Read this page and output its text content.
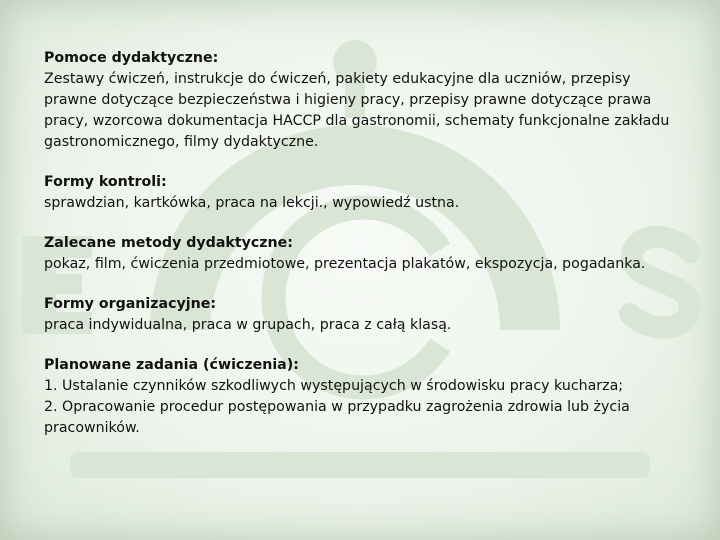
Pomoce dydaktyczne:
Zestawy ćwiczeń, instrukcje do ćwiczeń, pakiety edukacyjne dla uczniów, przepisy prawne dotyczące bezpieczeństwa i higieny pracy, przepisy prawne dotyczące prawa pracy, wzorcowa dokumentacja HACCP dla gastronomii, schematy funkcjonalne zakładu gastronomicznego, filmy dydaktyczne.
Formy kontroli:
sprawdzian, kartkówka, praca na lekcji., wypowiedź ustna.
Zalecane metody dydaktyczne:
pokaz, film, ćwiczenia przedmiotowe, prezentacja plakatów, ekspozycja, pogadanka.
Formy organizacyjne:
praca indywidualna, praca w grupach, praca z całą klasą.
Planowane zadania (ćwiczenia):
1. Ustalanie czynników szkodliwych występujących w środowisku pracy kucharza;
2. Opracowanie procedur postępowania w przypadku zagrożenia zdrowia lub życia pracowników.
